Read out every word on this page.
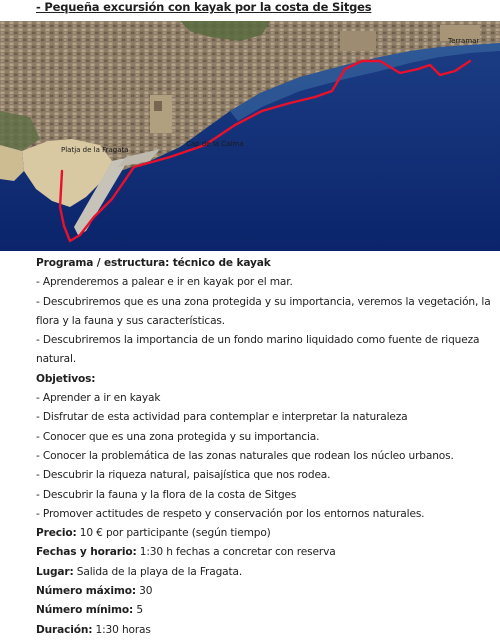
- Pequeña excursión con kayak por la costa de Sitges

Platja de la Fragata
Cap de la Calma
Terramar

Programa / estructura: técnico de kayak

- Aprenderemos a palear e ir en kayak por el mar.

- Descubriremos que es una zona protegida y su importancia, veremos la vegetación, la

flora y la fauna y sus características.

- Descubriremos la importancia de un fondo marino liquidado como fuente de riqueza

natural.

Objetivos:

- Aprender a ir en kayak

- Disfrutar de esta actividad para contemplar e interpretar la naturaleza

- Conocer que es una zona protegida y su importancia.

- Conocer la problemática de las zonas naturales que rodean los núcleo urbanos.

- Descubrir la riqueza natural, paisajística que nos rodea.

- Descubrir la fauna y la flora de la costa de Sitges

- Promover actitudes de respeto y conservación por los entornos naturales.

Precio: 10 € por participante (según tiempo)

Fechas y horario: 1:30 h fechas a concretar con reserva

Lugar: Salida de la playa de la Fragata.

Número máximo: 30

Número mínimo: 5

Duración: 1:30 horas
